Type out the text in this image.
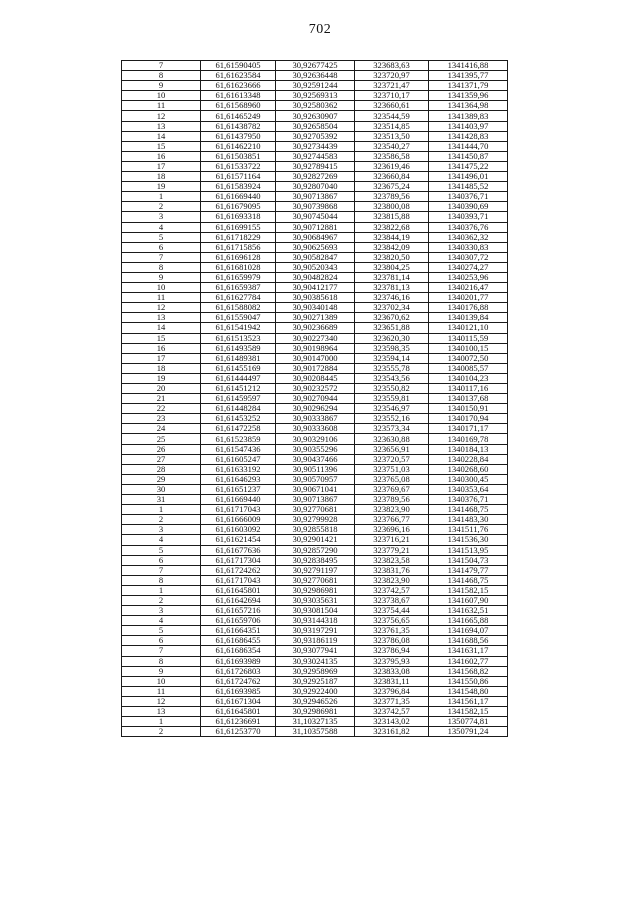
702
7	61,61590405	30,92677425	323683,63	1341416,88
8	61,61623584	30,92636448	323720,97	1341395,77
9	61,61623666	30,92591244	323721,47	1341371,79
10	61,61613348	30,92569313	323710,17	1341359,96
11	61,61568960	30,92580362	323660,61	1341364,98
12	61,61465249	30,92630907	323544,59	1341389,83
13	61,61438782	30,92658504	323514,85	1341403,97
14	61,61437950	30,92705392	323513,50	1341428,83
15	61,61462210	30,92734439	323540,27	1341444,70
16	61,61503851	30,92744583	323586,58	1341450,87
17	61,61533722	30,92789415	323619,46	1341475,22
18	61,61571164	30,92827269	323660,84	1341496,01
19	61,61583924	30,92807040	323675,24	1341485,52
1	61,61669440	30,90713867	323789,56	1340376,71
2	61,61679095	30,90739868	323800,08	1340390,69
3	61,61693318	30,90745044	323815,88	1340393,71
4	61,61699155	30,90712881	323822,68	1340376,76
5	61,61718229	30,90684967	323844,19	1340362,32
6	61,61715856	30,90625693	323842,09	1340330,83
7	61,61696128	30,90582847	323820,50	1340307,72
8	61,61681028	30,90520343	323804,25	1340274,27
9	61,61659979	30,90482824	323781,14	1340253,96
10	61,61659387	30,90412177	323781,13	1340216,47
11	61,61627784	30,90385618	323746,16	1340201,77
12	61,61588082	30,90340148	323702,34	1340176,88
13	61,61559047	30,90271389	323670,62	1340139,84
14	61,61541942	30,90236689	323651,88	1340121,10
15	61,61513523	30,90227340	323620,30	1340115,59
16	61,61493589	30,90198964	323598,35	1340100,15
17	61,61489381	30,90147000	323594,14	1340072,50
18	61,61455169	30,90172884	323555,78	1340085,57
19	61,61444497	30,90208445	323543,56	1340104,23
20	61,61451212	30,90232572	323550,82	1340117,16
21	61,61459597	30,90270944	323559,81	1340137,68
22	61,61448284	30,90296294	323546,97	1340150,91
23	61,61453252	30,90333867	323552,16	1340170,94
24	61,61472258	30,90333608	323573,34	1340171,17
25	61,61523859	30,90329106	323630,88	1340169,78
26	61,61547436	30,90355296	323656,91	1340184,13
27	61,61605247	30,90437466	323720,57	1340228,84
28	61,61633192	30,90511396	323751,03	1340268,60
29	61,61646293	30,90570957	323765,08	1340300,45
30	61,61651237	30,90671041	323769,67	1340353,64
31	61,61669440	30,90713867	323789,56	1340376,71
1	61,61717043	30,92770681	323823,90	1341468,75
2	61,61666009	30,92799928	323766,77	1341483,30
3	61,61603092	30,92855818	323696,16	1341511,76
4	61,61621454	30,92901421	323716,21	1341536,30
5	61,61677636	30,92857290	323779,21	1341513,95
6	61,61717304	30,92838495	323823,58	1341504,73
7	61,61724262	30,92791197	323831,76	1341479,77
8	61,61717043	30,92770681	323823,90	1341468,75
1	61,61645801	30,92986981	323742,57	1341582,15
2	61,61642694	30,93035631	323738,67	1341607,90
3	61,61657216	30,93081504	323754,44	1341632,51
4	61,61659706	30,93144318	323756,65	1341665,88
5	61,61664351	30,93197291	323761,35	1341694,07
6	61,61686455	30,93186119	323786,08	1341688,56
7	61,61686354	30,93077941	323786,94	1341631,17
8	61,61693989	30,93024135	323795,93	1341602,77
9	61,61726803	30,92958969	323833,08	1341568,82
10	61,61724762	30,92925187	323831,11	1341550,86
11	61,61693985	30,92922400	323796,84	1341548,80
12	61,61671304	30,92946526	323771,35	1341561,17
13	61,61645801	30,92986981	323742,57	1341582,15
1	61,61236691	31,10327135	323143,02	1350774,81
2	61,61253770	31,10357588	323161,82	1350791,24
